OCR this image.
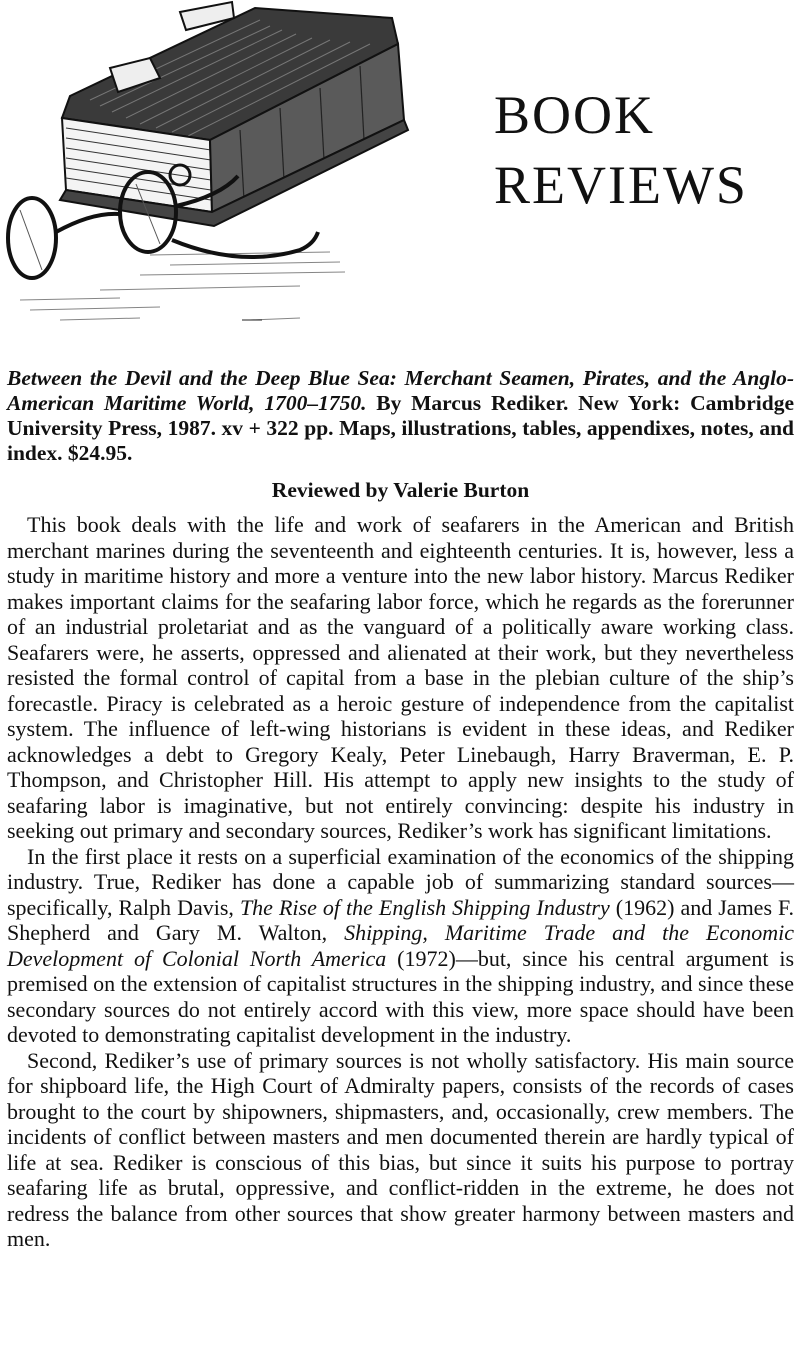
BOOK
REVIEWS

Between the Devil and the Deep Blue Sea: Merchant Seamen, Pirates, and the Anglo-American Maritime World, 1700–1750. By Marcus Rediker. New York: Cambridge University Press, 1987. xv + 322 pp. Maps, illustrations, tables, appendixes, notes, and index. $24.95.

Reviewed by Valerie Burton

This book deals with the life and work of seafarers in the American and British merchant marines during the seventeenth and eighteenth centuries. It is, however, less a study in maritime history and more a venture into the new labor history. Marcus Rediker makes important claims for the seafaring labor force, which he regards as the forerunner of an industrial proletariat and as the vanguard of a politically aware working class. Seafarers were, he asserts, oppressed and alienated at their work, but they nevertheless resisted the formal control of capital from a base in the plebian culture of the ship’s forecastle. Piracy is celebrated as a heroic gesture of independence from the capitalist system. The influence of left-wing historians is evident in these ideas, and Rediker acknowledges a debt to Gregory Kealy, Peter Linebaugh, Harry Braverman, E. P. Thompson, and Christopher Hill. His attempt to apply new insights to the study of seafaring labor is imaginative, but not entirely convincing: despite his industry in seeking out primary and secondary sources, Rediker’s work has significant limitations.

In the first place it rests on a superficial examination of the economics of the shipping industry. True, Rediker has done a capable job of summarizing standard sources—specifically, Ralph Davis, The Rise of the English Shipping Industry (1962) and James F. Shepherd and Gary M. Walton, Shipping, Maritime Trade and the Economic Development of Colonial North America (1972)—but, since his central argument is premised on the extension of capitalist structures in the shipping industry, and since these secondary sources do not entirely accord with this view, more space should have been devoted to demonstrating capitalist development in the industry.

Second, Rediker’s use of primary sources is not wholly satisfactory. His main source for shipboard life, the High Court of Admiralty papers, consists of the records of cases brought to the court by shipowners, shipmasters, and, occasionally, crew members. The incidents of conflict between masters and men documented therein are hardly typical of life at sea. Rediker is conscious of this bias, but since it suits his purpose to portray seafaring life as brutal, oppressive, and conflict-ridden in the extreme, he does not redress the balance from other sources that show greater harmony between masters and men.
